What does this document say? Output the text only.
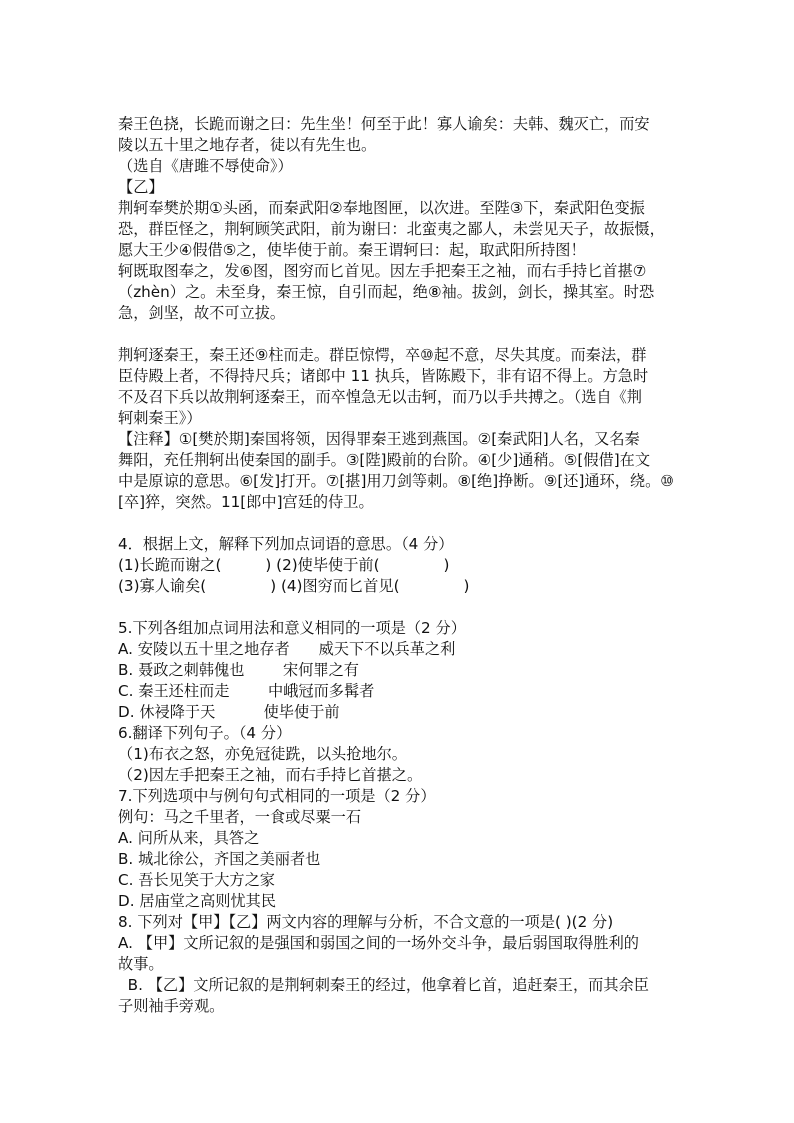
秦王色挠，长跪而谢之曰：先生坐！何至于此！寡人谕矣：夫韩、魏灭亡，而安
陵以五十里之地存者，徒以有先生也。
（选自《唐雎不辱使命》）
【乙】
荆轲奉樊於期①头函，而秦武阳②奉地图匣，以次进。至陛③下，秦武阳色变振
恐，群臣怪之，荆轲顾笑武阳，前为谢曰：北蛮夷之鄙人，未尝见天子，故振慑，
愿大王少④假借⑤之，使毕使于前。秦王谓轲曰：起，取武阳所持图！
轲既取图奉之，发⑥图，图穷而匕首见。因左手把秦王之袖，而右手持匕首揕⑦
（zhèn）之。未至身，秦王惊，自引而起，绝⑧袖。拔剑，剑长，操其室。时恐
急，剑坚，故不可立拔。
荆轲逐秦王，秦王还⑨柱而走。群臣惊愕，卒⑩起不意，尽失其度。而秦法，群
臣侍殿上者，不得持尺兵；诸郎中 11 执兵，皆陈殿下，非有诏不得上。方急时
不及召下兵以故荆轲逐秦王，而卒惶急无以击轲，而乃以手共搏之。（选自《荆
轲刺秦王》）
【注释】①[樊於期]秦国将领，因得罪秦王逃到燕国。②[秦武阳]人名，又名秦
舞阳，充任荆轲出使秦国的副手。③[陛]殿前的台阶。④[少]通稍。⑤[假借]在文
中是原谅的意思。⑥[发]打开。⑦[揕]用刀剑等刺。⑧[绝]挣断。⑨[还]通环，绕。⑩
[卒]猝，突然。11[郎中]宫廷的侍卫。
4．根据上文，解释下列加点词语的意思。（4 分）
(1)长跪而谢之(	) (2)使毕使于前(	)
(3)寡人谕矣(	) (4)图穷而匕首见(	)
5.下列各组加点词用法和意义相同的一项是（2 分）
A. 安陵以五十里之地存者      威天下不以兵革之利
B. 聂政之刺韩傀也        宋何罪之有
C. 秦王还柱而走        中峨冠而多髯者
D. 休祲降于天          使毕使于前
6.翻译下列句子。（4 分）
（1)布衣之怒，亦免冠徒跣，以头抢地尔。
（2)因左手把秦王之袖，而右手持匕首揕之。
7.下列选项中与例句句式相同的一项是（2 分）
例句：马之千里者，一食或尽粟一石
A. 问所从来，具答之
B. 城北徐公，齐国之美丽者也
C. 吾长见笑于大方之家
D. 居庙堂之高则忧其民
8. 下列对【甲】【乙】两文内容的理解与分析，不合文意的一项是( )(2 分)
A. 【甲】文所记叙的是强国和弱国之间的一场外交斗争，最后弱国取得胜利的
故事。
B. 【乙】文所记叙的是荆轲刺秦王的经过，他拿着匕首，追赶秦王，而其余臣
子则袖手旁观。
